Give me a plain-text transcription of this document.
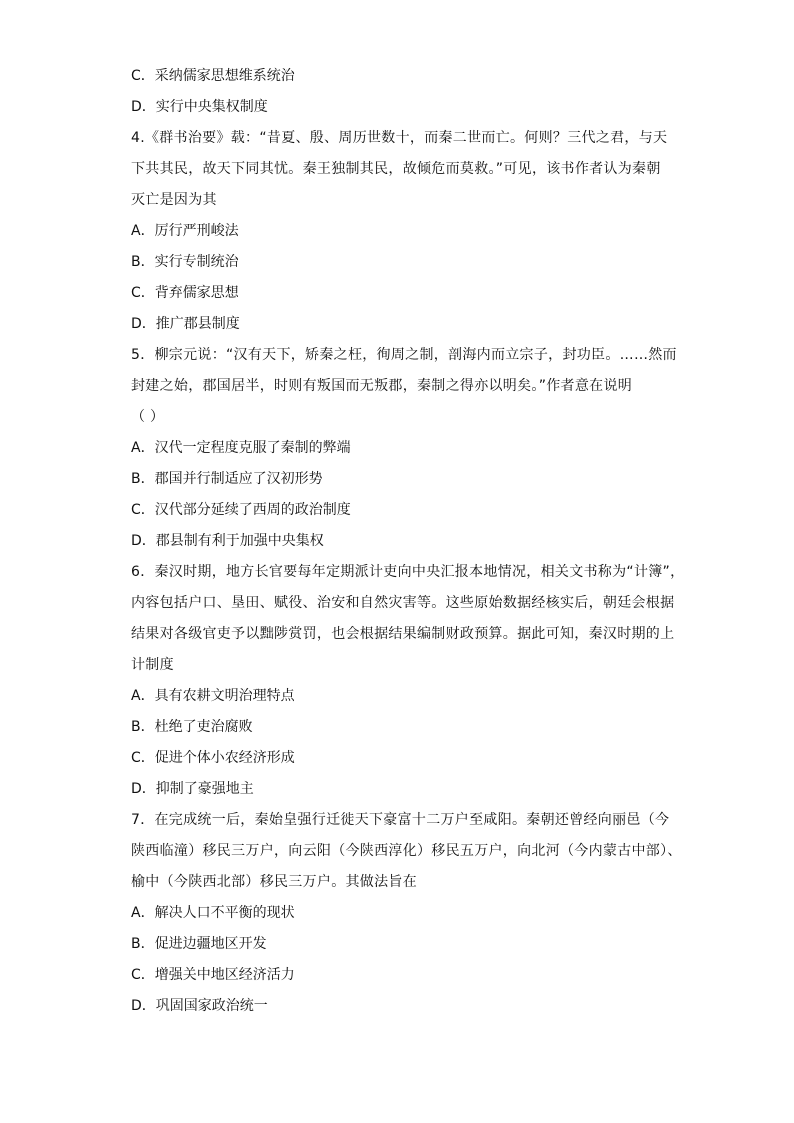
C．采纳儒家思想维系统治
D．实行中央集权制度
4.《群书治要》载：“昔夏、殷、周历世数十，而秦二世而亡。何则？三代之君，与天
下共其民，故天下同其忧。秦王独制其民，故倾危而莫救。”可见，该书作者认为秦朝
灭亡是因为其
A．厉行严刑峻法
B．实行专制统治
C．背弃儒家思想
D．推广郡县制度
5．柳宗元说：“汉有天下，矫秦之枉，徇周之制，剖海内而立宗子，封功臣。……然而
封建之始，郡国居半，时则有叛国而无叛郡，秦制之得亦以明矣。”作者意在说明
（ ）
A．汉代一定程度克服了秦制的弊端
B．郡国并行制适应了汉初形势
C．汉代部分延续了西周的政治制度
D．郡县制有利于加强中央集权
6．秦汉时期，地方长官要每年定期派计吏向中央汇报本地情况，相关文书称为“计簿”，
内容包括户口、垦田、赋役、治安和自然灾害等。这些原始数据经核实后，朝廷会根据
结果对各级官吏予以黜陟赏罚，也会根据结果编制财政预算。据此可知，秦汉时期的上
计制度
A．具有农耕文明治理特点
B．杜绝了吏治腐败
C．促进个体小农经济形成
D．抑制了豪强地主
7．在完成统一后，秦始皇强行迁徙天下豪富十二万户至咸阳。秦朝还曾经向丽邑（今
陕西临潼）移民三万户，向云阳（今陕西淳化）移民五万户，向北河（今内蒙古中部）、
榆中（今陕西北部）移民三万户。其做法旨在
A．解决人口不平衡的现状
B．促进边疆地区开发
C．增强关中地区经济活力
D．巩固国家政治统一
